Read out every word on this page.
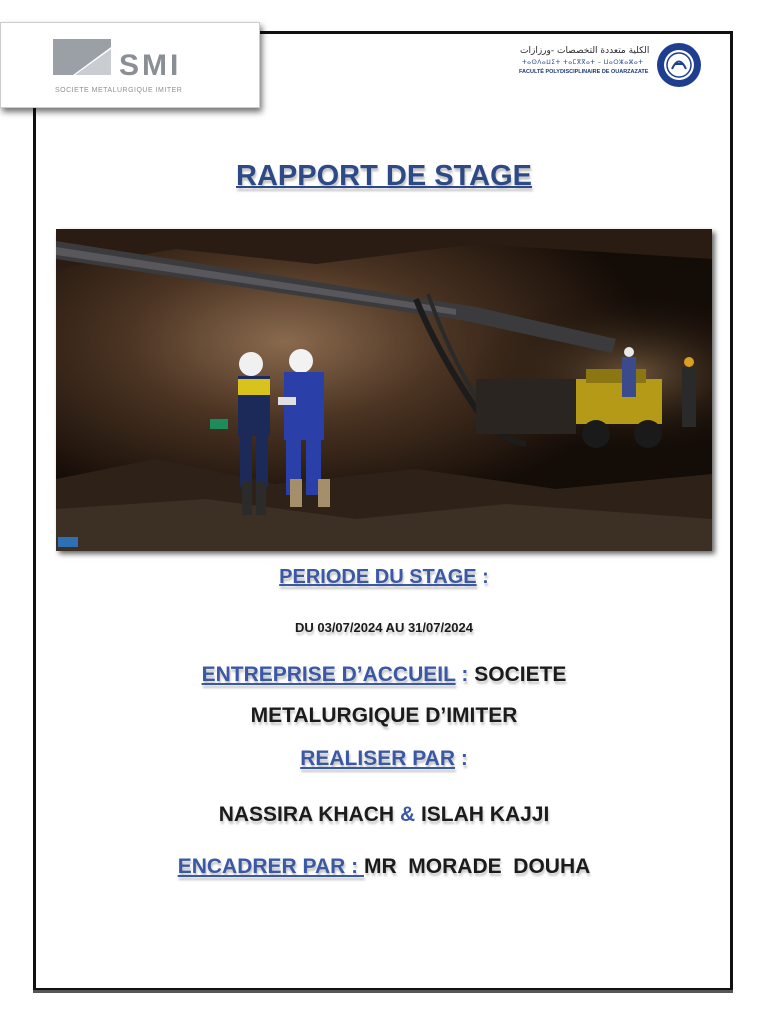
SMI
SOCIETE METALURGIQUE IMITER
الكلية متعددة التخصصات -ورزازات
ⵜⴰⵙⴷⴰⵡⵉⵜ ⵜⴰⵎⴳⴳⴰⵜ – ⵡⴰⵔⵣⴰⵣⴰⵜ
FACULTÉ POLYDISCIPLINAIRE DE OUARZAZATE
RAPPORT DE STAGE
PERIODE DU STAGE :
DU 03/07/2024 AU 31/07/2024
ENTREPRISE D’ACCUEIL : SOCIETE
METALURGIQUE D’IMITER
REALISER PAR :
NASSIRA KHACH & ISLAH KAJJI
ENCADRER PAR : MR  MORADE  DOUHA
